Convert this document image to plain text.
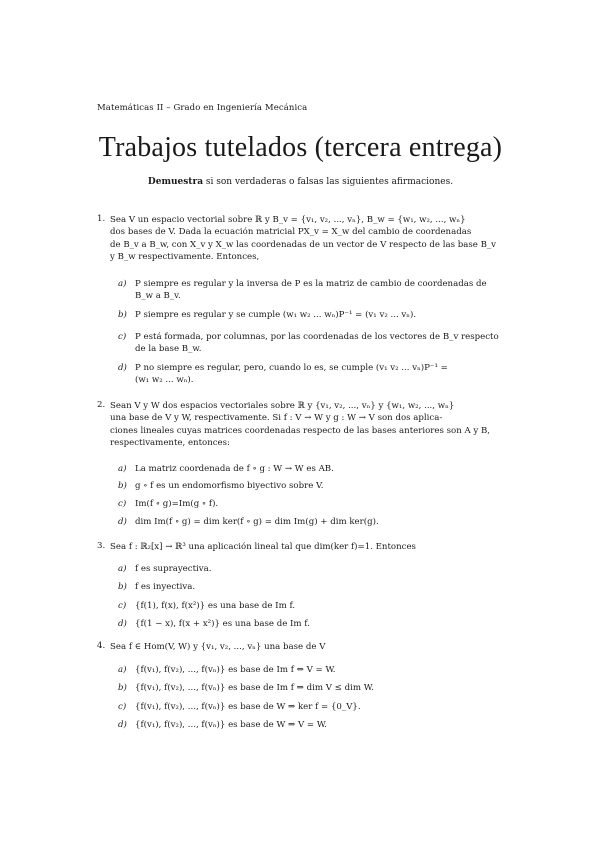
Matemáticas II – Grado en Ingeniería Mecánica
Trabajos tutelados (tercera entrega)
Demuestra si son verdaderas o falsas las siguientes afirmaciones.
1. Sea V un espacio vectorial sobre ℝ y B_v = {v₁, v₂, ..., vₙ}, B_w = {w₁, w₂, ..., wₙ}
dos bases de V. Dada la ecuación matricial PX_v = X_w del cambio de coordenadas
de B_v a B_w, con X_v y X_w las coordenadas de un vector de V respecto de las base B_v
y B_w respectivamente. Entonces,
a) P siempre es regular y la inversa de P es la matriz de cambio de coordenadas de
B_w a B_v.
b) P siempre es regular y se cumple (w₁ w₂ ... wₙ)P⁻¹ = (v₁ v₂ ... vₙ).
c) P está formada, por columnas, por las coordenadas de los vectores de B_v respecto
de la base B_w.
d) P no siempre es regular, pero, cuando lo es, se cumple (v₁ v₂ ... vₙ)P⁻¹ =
(w₁ w₂ ... wₙ).
2. Sean V y W dos espacios vectoriales sobre ℝ y {v₁, v₂, ..., vₙ} y {w₁, w₂, ..., wₙ}
una base de V y W, respectivamente. Si f : V → W y g : W → V son dos aplica-
ciones lineales cuyas matrices coordenadas respecto de las bases anteriores son A y B,
respectivamente, entonces:
a) La matriz coordenada de f ∘ g : W → W es AB.
b) g ∘ f es un endomorfismo biyectivo sobre V.
c) Im(f ∘ g)=Im(g ∘ f).
d) dim Im(f ∘ g) = dim ker(f ∘ g) = dim Im(g) + dim ker(g).
3. Sea f : ℝ₂[x] → ℝ³ una aplicación lineal tal que dim(ker f)=1. Entonces
a) f es suprayectiva.
b) f es inyectiva.
c) {f(1), f(x), f(x²)} es una base de Im f.
d) {f(1 − x), f(x + x²)} es una base de Im f.
4. Sea f ∈ Hom(V, W) y {v₁, v₂, ..., vₙ} una base de V
a) {f(v₁), f(v₂), ..., f(vₙ)} es base de Im f ⇔ V = W.
b) {f(v₁), f(v₂), ..., f(vₙ)} es base de Im f ⇒ dim V ≤ dim W.
c) {f(v₁), f(v₂), ..., f(vₙ)} es base de W ⇒ ker f = {0_V}.
d) {f(v₁), f(v₂), ..., f(vₙ)} es base de W ⇒ V = W.
